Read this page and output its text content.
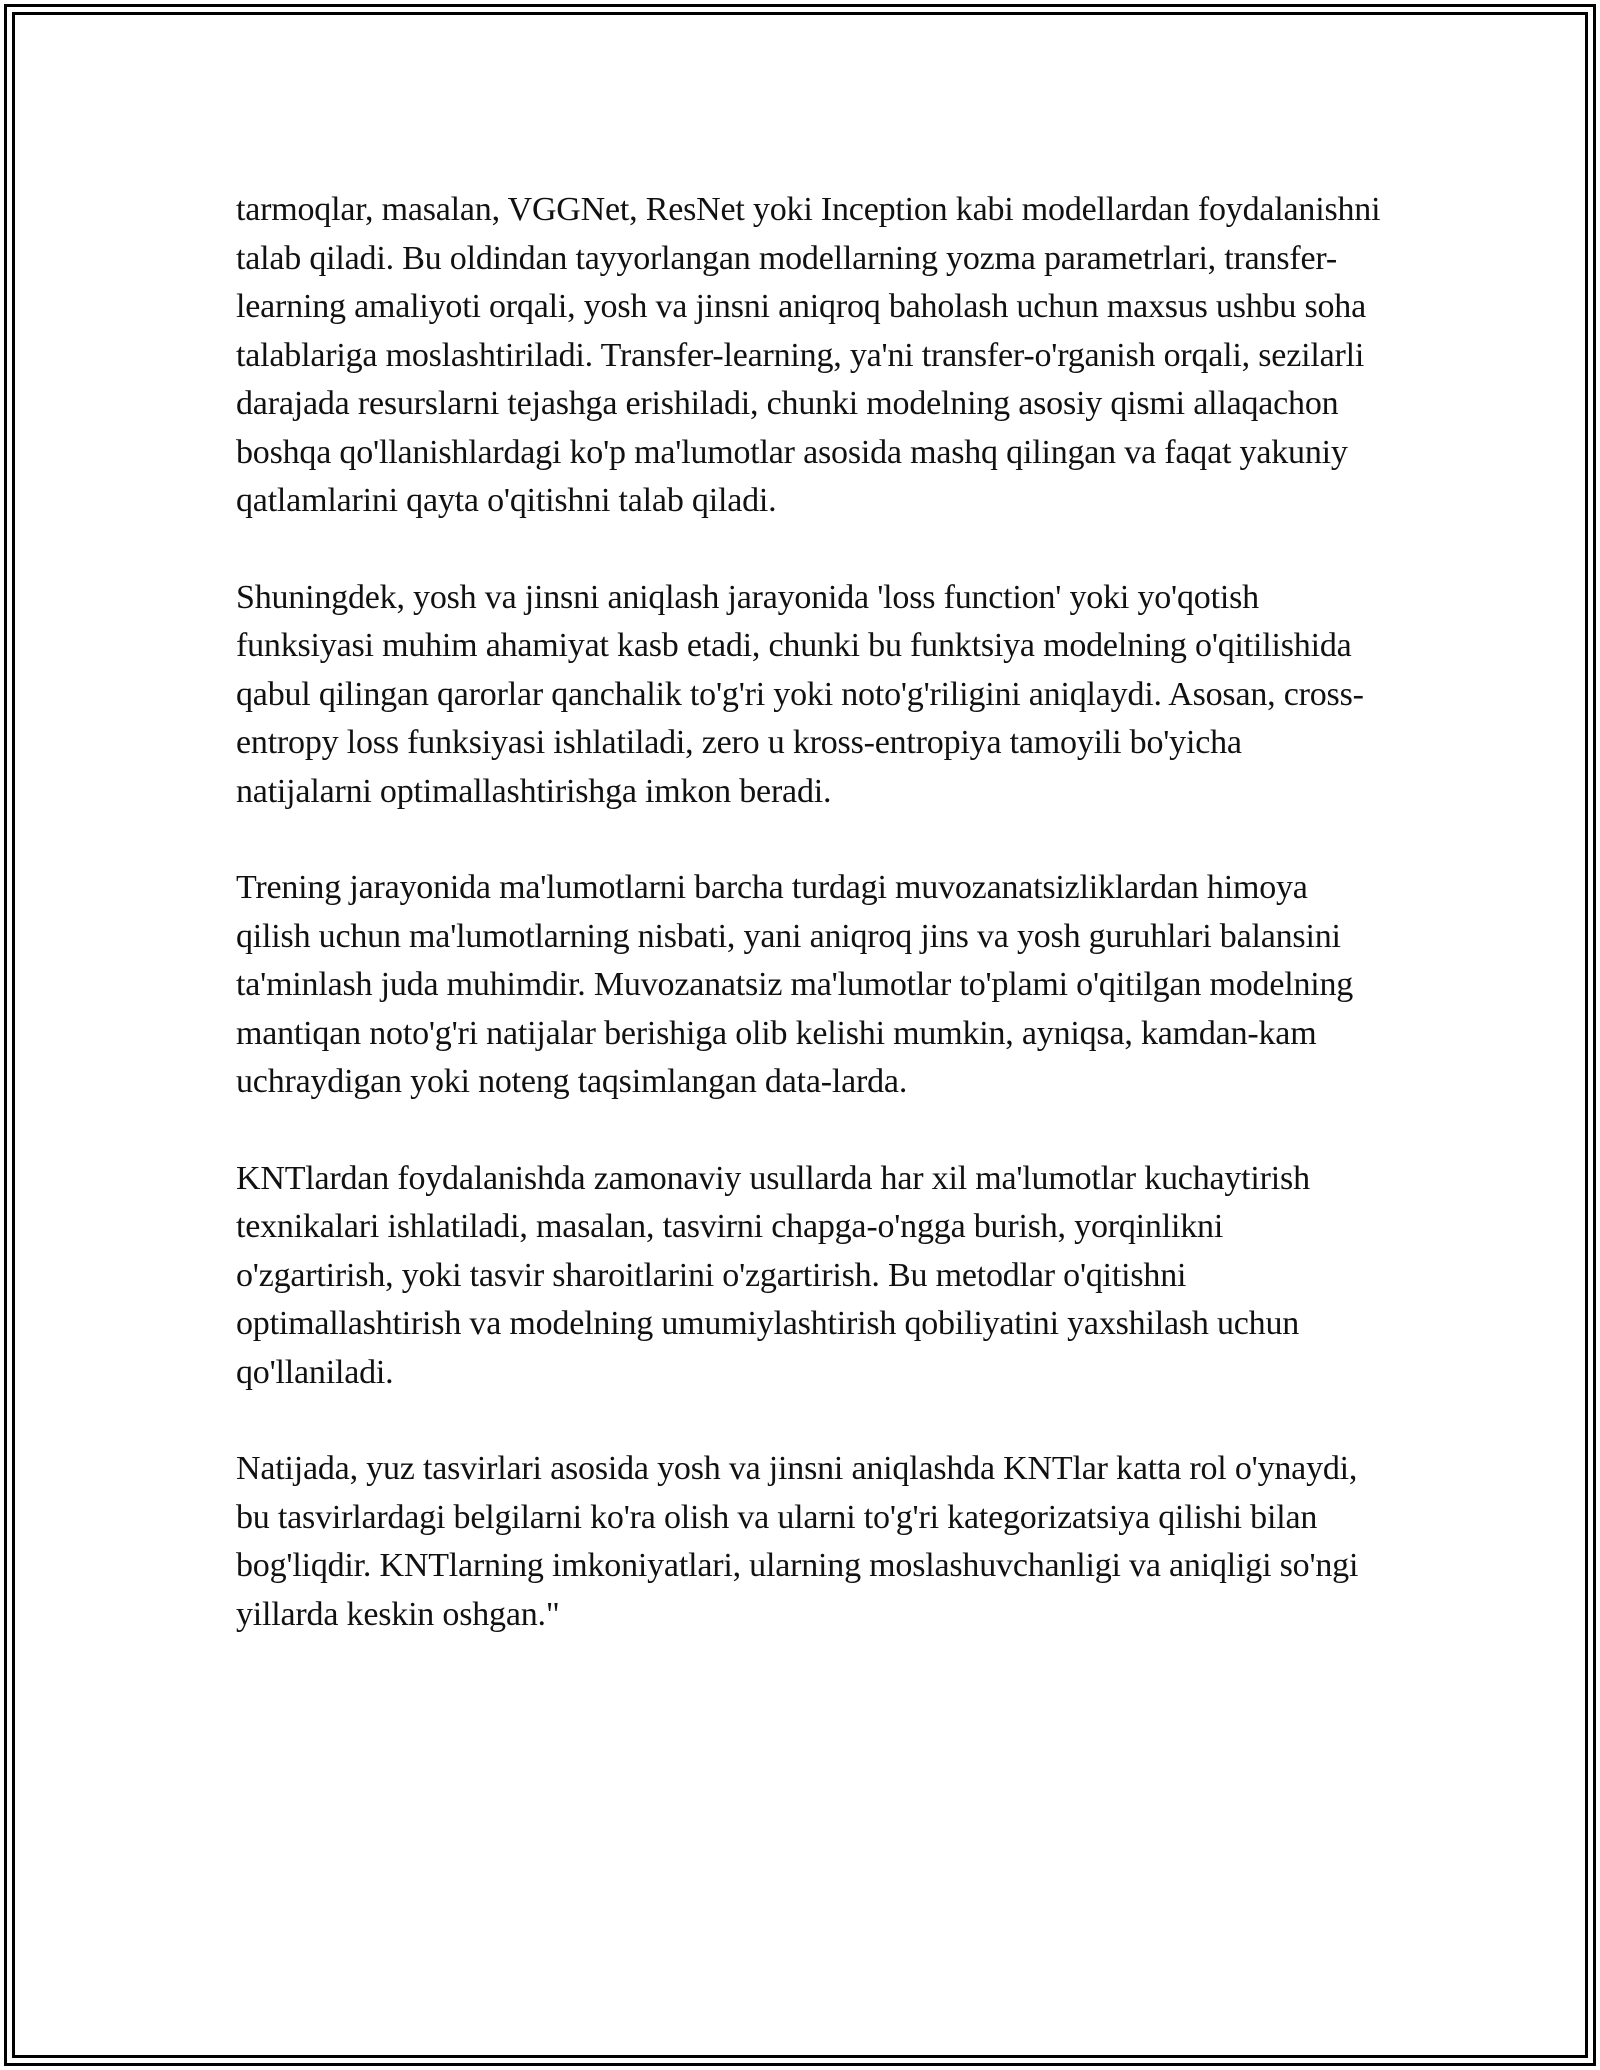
tarmoqlar, masalan, VGGNet, ResNet yoki Inception kabi modellardan foydalanishni talab qiladi. Bu oldindan tayyorlangan modellarning yozma parametrlari, transfer-learning amaliyoti orqali, yosh va jinsni aniqroq baholash uchun maxsus ushbu soha talablariga moslashtiriladi. Transfer-learning, ya'ni transfer-o'rganish orqali, sezilarli darajada resurslarni tejashga erishiladi, chunki modelning asosiy qismi allaqachon boshqa qo'llanishlardagi ko'p ma'lumotlar asosida mashq qilingan va faqat yakuniy qatlamlarini qayta o'qitishni talab qiladi.

Shuningdek, yosh va jinsni aniqlash jarayonida 'loss function' yoki yo'qotish funksiyasi muhim ahamiyat kasb etadi, chunki bu funktsiya modelning o'qitilishida qabul qilingan qarorlar qanchalik to'g'ri yoki noto'g'riligini aniqlaydi. Asosan, cross-entropy loss funksiyasi ishlatiladi, zero u kross-entropiya tamoyili bo'yicha natijalarni optimallashtirishga imkon beradi.

Trening jarayonida ma'lumotlarni barcha turdagi muvozanatsizliklardan himoya qilish uchun ma'lumotlarning nisbati, yani aniqroq jins va yosh guruhlari balansini ta'minlash juda muhimdir. Muvozanatsiz ma'lumotlar to'plami o'qitilgan modelning mantiqan noto'g'ri natijalar berishiga olib kelishi mumkin, ayniqsa, kamdan-kam uchraydigan yoki noteng taqsimlangan data-larda.

KNTlardan foydalanishda zamonaviy usullarda har xil ma'lumotlar kuchaytirish texnikalari ishlatiladi, masalan, tasvirni chapga-o'ngga burish, yorqinlikni o'zgartirish, yoki tasvir sharoitlarini o'zgartirish. Bu metodlar o'qitishni optimallashtirish va modelning umumiylashtirish qobiliyatini yaxshilash uchun qo'llaniladi.

Natijada, yuz tasvirlari asosida yosh va jinsni aniqlashda KNTlar katta rol o'ynaydi, bu tasvirlardagi belgilarni ko'ra olish va ularni to'g'ri kategorizatsiya qilishi bilan bog'liqdir. KNTlarning imkoniyatlari, ularning moslashuvchanligi va aniqligi so'ngi yillarda keskin oshgan."
